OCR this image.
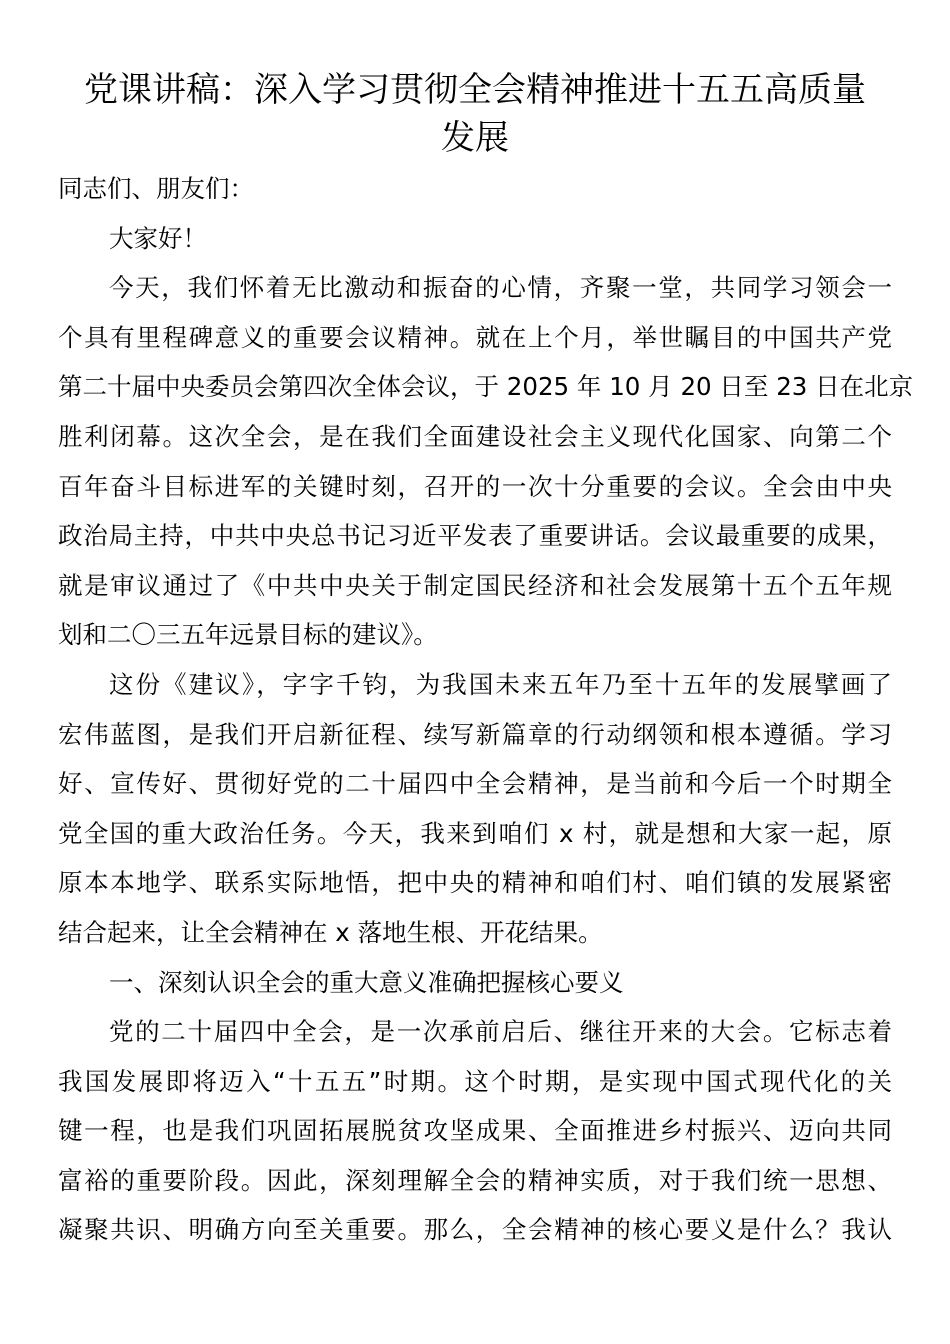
党课讲稿：深入学习贯彻全会精神推进十五五高质量
发展
同志们、朋友们：
大家好！
今天，我们怀着无比激动和振奋的心情，齐聚一堂，共同学习领会一
个具有里程碑意义的重要会议精神。就在上个月，举世瞩目的中国共产党
第二十届中央委员会第四次全体会议，于 2025 年 10 月 20 日至 23 日在北京
胜利闭幕。这次全会，是在我们全面建设社会主义现代化国家、向第二个
百年奋斗目标进军的关键时刻，召开的一次十分重要的会议。全会由中央
政治局主持，中共中央总书记习近平发表了重要讲话。会议最重要的成果，
就是审议通过了《中共中央关于制定国民经济和社会发展第十五个五年规
划和二〇三五年远景目标的建议》。
这份《建议》，字字千钧，为我国未来五年乃至十五年的发展擘画了
宏伟蓝图，是我们开启新征程、续写新篇章的行动纲领和根本遵循。学习
好、宣传好、贯彻好党的二十届四中全会精神，是当前和今后一个时期全
党全国的重大政治任务。今天，我来到咱们 x 村，就是想和大家一起，原
原本本地学、联系实际地悟，把中央的精神和咱们村、咱们镇的发展紧密
结合起来，让全会精神在 x 落地生根、开花结果。
一、深刻认识全会的重大意义准确把握核心要义
党的二十届四中全会，是一次承前启后、继往开来的大会。它标志着
我国发展即将迈入“十五五”时期。这个时期，是实现中国式现代化的关
键一程，也是我们巩固拓展脱贫攻坚成果、全面推进乡村振兴、迈向共同
富裕的重要阶段。因此，深刻理解全会的精神实质，对于我们统一思想、
凝聚共识、明确方向至关重要。那么，全会精神的核心要义是什么？我认
